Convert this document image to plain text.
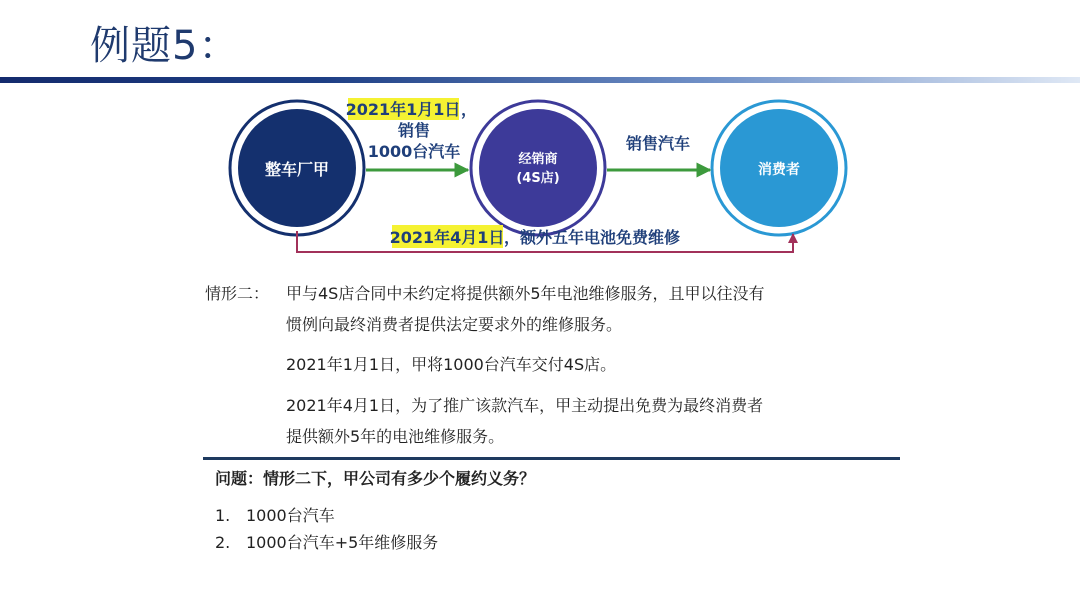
例题5：
整车厂甲
经销商
(4S店)
消费者
2021年1月1日 ，
销售
1000台汽车	销售汽车
2021年4月1日 ，额外五年电池免费维修
情形二： 甲与4S店合同中未约定将提供额外5年电池维修服务，且甲以往没有
惯例向最终消费者提供法定要求外的维修服务。
2021年1月1日，甲将1000台汽车交付4S店。
2021年4月1日，为了推广该款汽车，甲主动提出免费为最终消费者
提供额外5年的电池维修服务。
问题：情形二下，甲公司有多少个履约义务？
1. 1000台汽车
2. 1000台汽车+5年维修服务
